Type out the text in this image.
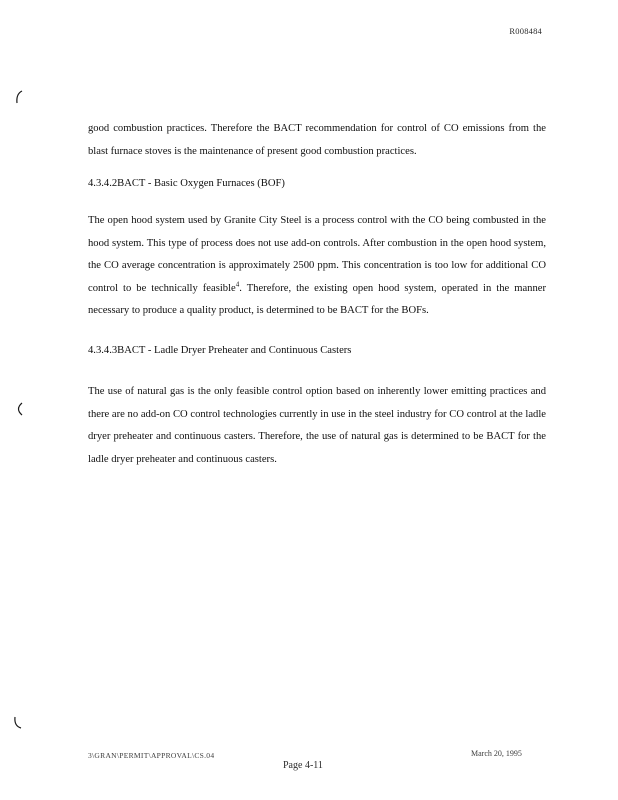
R008484

good combustion practices. Therefore the BACT recommendation for control of CO emissions from the blast furnace stoves is the maintenance of present good combustion practices.

4.3.4.2BACT - Basic Oxygen Furnaces (BOF)

The open hood system used by Granite City Steel is a process control with the CO being combusted in the hood system. This type of process does not use add-on controls. After combustion in the open hood system, the CO average concentration is approximately 2500 ppm. This concentration is too low for additional CO control to be technically feasible$^4$. Therefore, the existing open hood system, operated in the manner necessary to produce a quality product, is determined to be BACT for the BOFs.

4.3.4.3BACT - Ladle Dryer Preheater and Continuous Casters

The use of natural gas is the only feasible control option based on inherently lower emitting practices and there are no add-on CO control technologies currently in use in the steel industry for CO control at the ladle dryer preheater and continuous casters. Therefore, the use of natural gas is determined to be BACT for the ladle dryer preheater and continuous casters.

3\GRAN\PERMIT\APPROVAL\CS.04	March 20, 1995
Page 4-11
